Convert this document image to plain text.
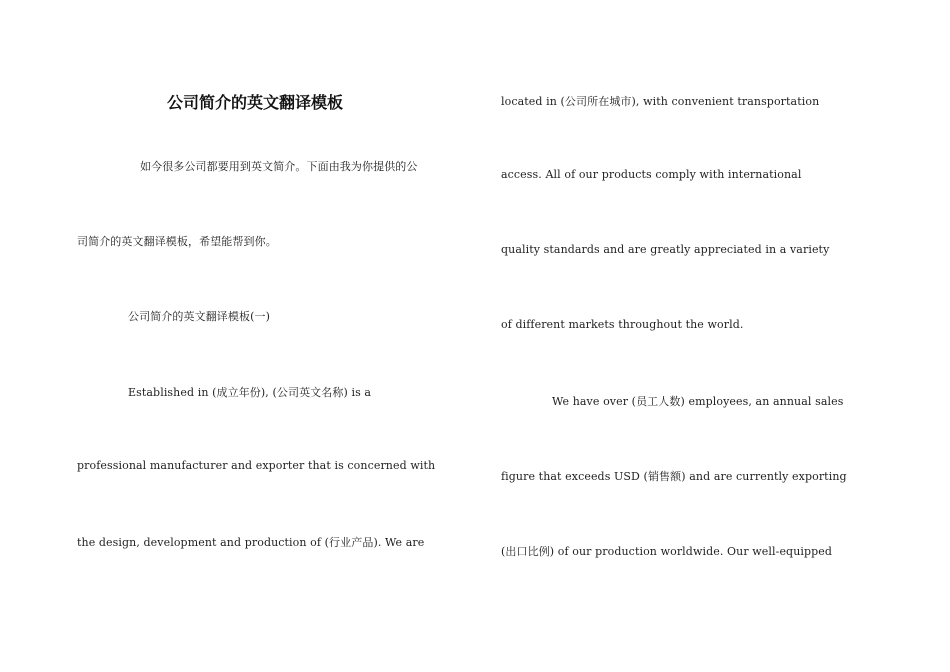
公司简介的英文翻译模板
如今很多公司都要用到英文简介。下面由我为你提供的公
司简介的英文翻译模板，希望能帮到你。
公司简介的英文翻译模板(一)
Established in (成立年份), (公司英文名称) is a
professional manufacturer and exporter that is concerned with
the design, development and production of (行业产品). We are
located in (公司所在城市), with convenient transportation
access. All of our products comply with international
quality standards and are greatly appreciated in a variety
of different markets throughout the world.
We have over (员工人数) employees, an annual sales
figure that exceeds USD (销售额) and are currently exporting
(出口比例) of our production worldwide. Our well-equipped
